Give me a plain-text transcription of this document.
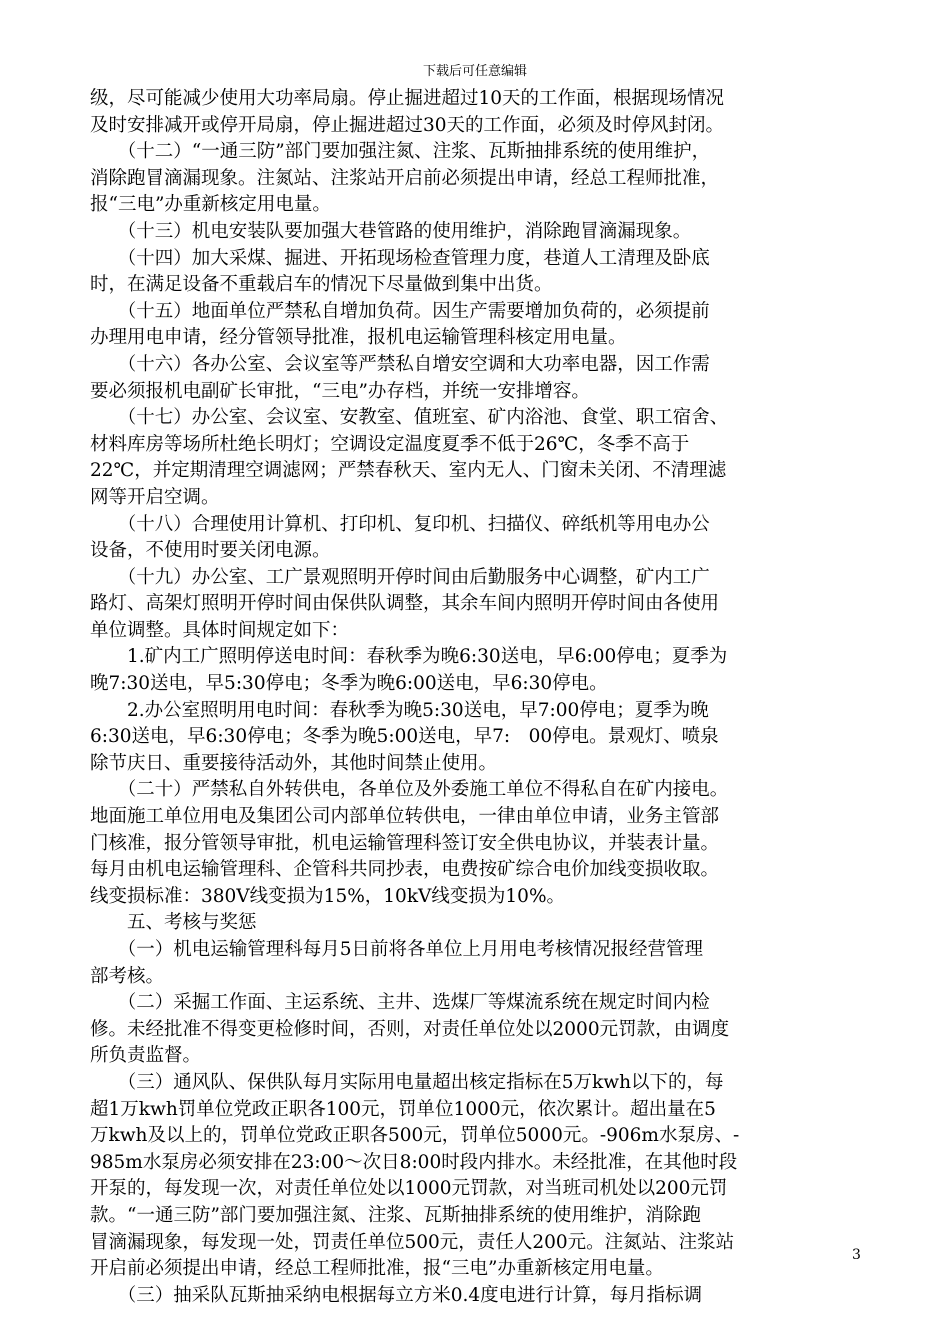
下载后可任意编辑
级，尽可能减少使用大功率局扇。停止掘进超过10天的工作面，根据现场情况
及时安排减开或停开局扇，停止掘进超过30天的工作面，必须及时停风封闭。
　　（十二）“一通三防”部门要加强注氮、注浆、瓦斯抽排系统的使用维护，
消除跑冒滴漏现象。注氮站、注浆站开启前必须提出申请，经总工程师批准，
报“三电”办重新核定用电量。
　　（十三）机电安装队要加强大巷管路的使用维护，消除跑冒滴漏现象。
　　（十四）加大采煤、掘进、开拓现场检查管理力度，巷道人工清理及卧底
时，在满足设备不重载启车的情况下尽量做到集中出货。
　　（十五）地面单位严禁私自增加负荷。因生产需要增加负荷的，必须提前
办理用电申请，经分管领导批准，报机电运输管理科核定用电量。
　　（十六）各办公室、会议室等严禁私自增安空调和大功率电器，因工作需
要必须报机电副矿长审批，“三电”办存档，并统一安排增容。
　　（十七）办公室、会议室、安教室、值班室、矿内浴池、食堂、职工宿舍、
材料库房等场所杜绝长明灯；空调设定温度夏季不低于26℃，冬季不高于
22℃，并定期清理空调滤网；严禁春秋天、室内无人、门窗未关闭、不清理滤
网等开启空调。
　　（十八）合理使用计算机、打印机、复印机、扫描仪、碎纸机等用电办公
设备，不使用时要关闭电源。
　　（十九）办公室、工广景观照明开停时间由后勤服务中心调整，矿内工广
路灯、高架灯照明开停时间由保供队调整，其余车间内照明开停时间由各使用
单位调整。具体时间规定如下：
　　1.矿内工广照明停送电时间：春秋季为晚6:30送电，早6:00停电；夏季为
晚7:30送电，早5:30停电；冬季为晚6:00送电，早6:30停电。
　　2.办公室照明用电时间：春秋季为晚5:30送电，早7:00停电；夏季为晚
6:30送电，早6:30停电；冬季为晚5:00送电，早7:　00停电。景观灯、喷泉
除节庆日、重要接待活动外，其他时间禁止使用。
　　（二十）严禁私自外转供电，各单位及外委施工单位不得私自在矿内接电。
地面施工单位用电及集团公司内部单位转供电，一律由单位申请，业务主管部
门核准，报分管领导审批，机电运输管理科签订安全供电协议，并装表计量。
每月由机电运输管理科、企管科共同抄表，电费按矿综合电价加线变损收取。
线变损标准：380V线变损为15%，10kV线变损为10%。
　　五、考核与奖惩
　　（一）机电运输管理科每月5日前将各单位上月用电考核情况报经营管理
部考核。
　　（二）采掘工作面、主运系统、主井、选煤厂等煤流系统在规定时间内检
修。未经批准不得变更检修时间，否则，对责任单位处以2000元罚款，由调度
所负责监督。
　　（三）通风队、保供队每月实际用电量超出核定指标在5万kwh以下的，每
超1万kwh罚单位党政正职各100元，罚单位1000元，依次累计。超出量在5
万kwh及以上的，罚单位党政正职各500元，罚单位5000元。-906m水泵房、-
985m水泵房必须安排在23:00～次日8:00时段内排水。未经批准，在其他时段
开泵的，每发现一次，对责任单位处以1000元罚款，对当班司机处以200元罚
款。“一通三防”部门要加强注氮、注浆、瓦斯抽排系统的使用维护，消除跑
冒滴漏现象，每发现一处，罚责任单位500元，责任人200元。注氮站、注浆站
开启前必须提出申请，经总工程师批准，报“三电”办重新核定用电量。
　　（三）抽采队瓦斯抽采纳电根据每立方米0.4度电进行计算，每月指标调
3
